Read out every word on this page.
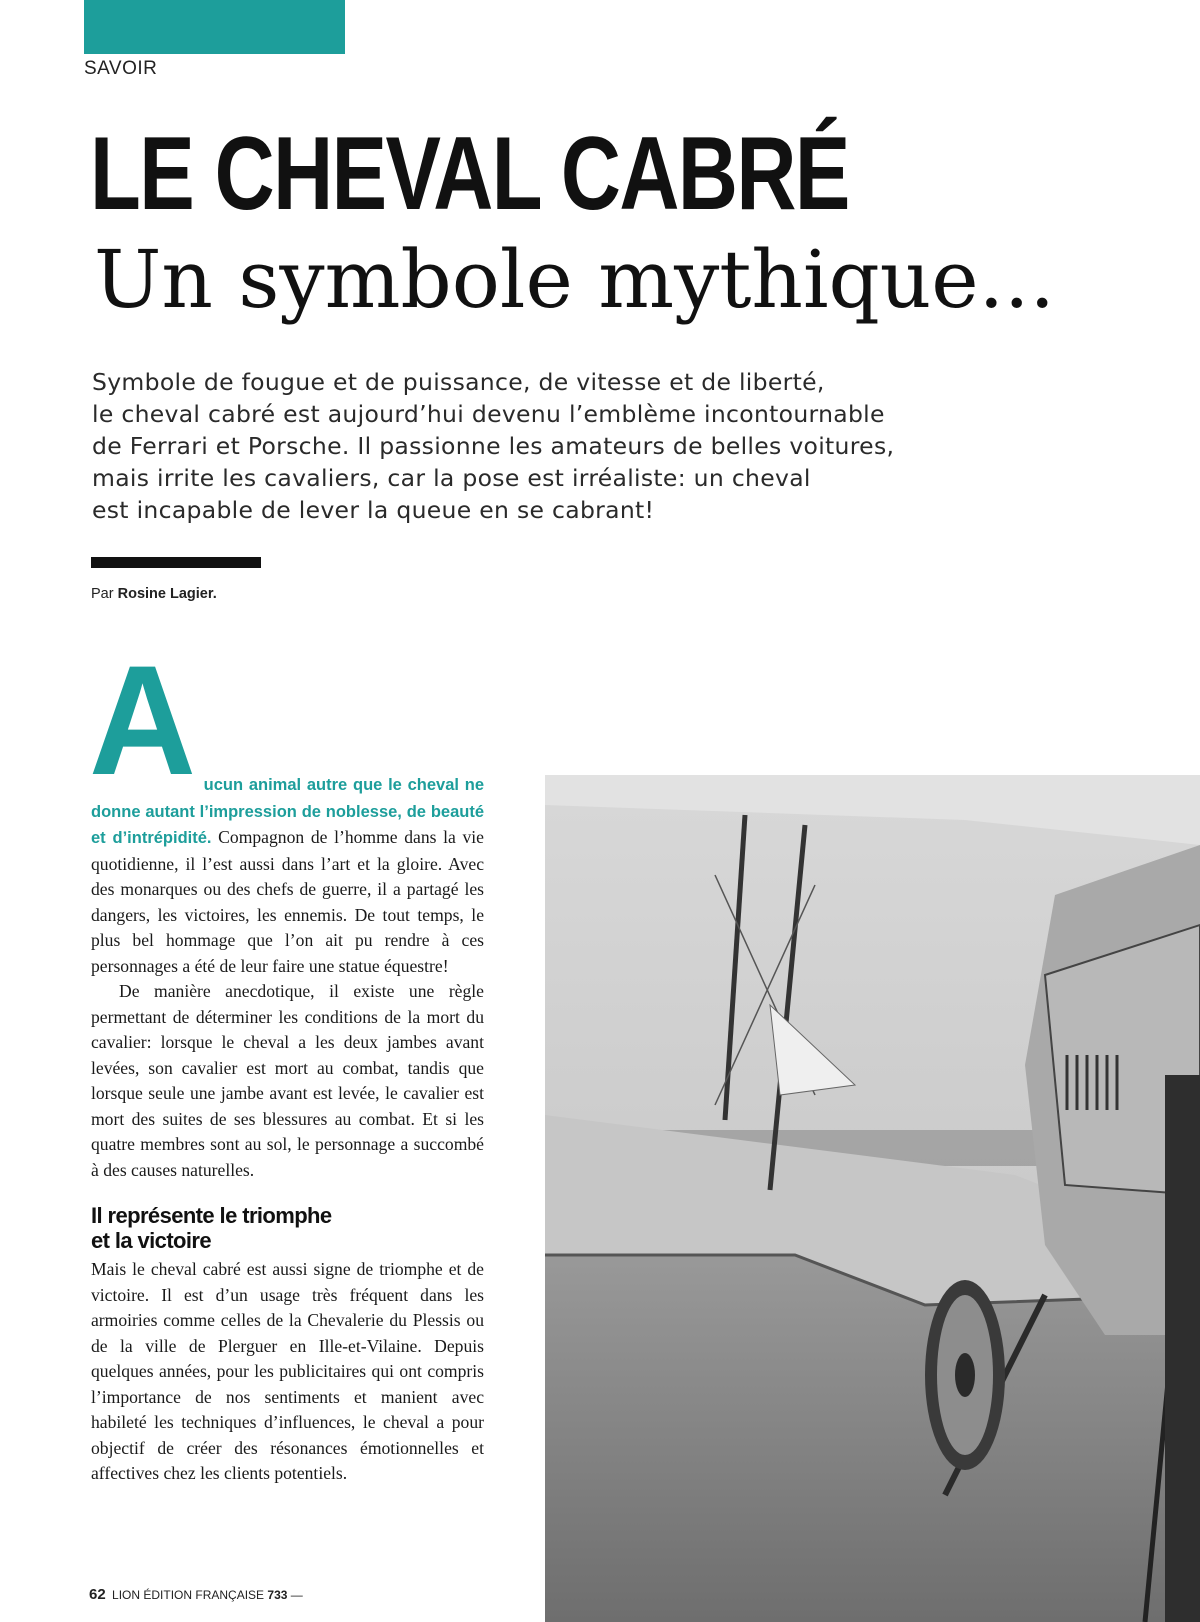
SAVOIR
LE CHEVAL CABRÉ
Un symbole mythique...
Symbole de fougue et de puissance, de vitesse et de liberté,
le cheval cabré est aujourd’hui devenu l’emblème incontournable
de Ferrari et Porsche. Il passionne les amateurs de belles voitures,
mais irrite les cavaliers, car la pose est irréaliste: un cheval
est incapable de lever la queue en se cabrant!
Par Rosine Lagier.

A ucun animal autre que le cheval ne donne autant l’impression de noblesse, de beauté et d’intrépidité. Compagnon de l’homme dans la vie quotidienne, il l’est aussi dans l’art et la gloire. Avec des monarques ou des chefs de guerre, il a partagé les dangers, les victoires, les ennemis. De tout temps, le plus bel hommage que l’on ait pu rendre à ces personnages a été de leur faire une statue équestre!

De manière anecdotique, il existe une règle permettant de déterminer les conditions de la mort du cavalier: lorsque le cheval a les deux jambes avant levées, son cavalier est mort au combat, tandis que lorsque seule une jambe avant est levée, le cavalier est mort des suites de ses blessures au combat. Et si les quatre membres sont au sol, le personnage a succombé à des causes naturelles.

Il représente le triomphe
et la victoire

Mais le cheval cabré est aussi signe de triomphe et de victoire. Il est d’un usage très fréquent dans les armoiries comme celles de la Chevalerie du Plessis ou de la ville de Plerguer en Ille-et-Vilaine. Depuis quelques années, pour les publicitaires qui ont compris l’importance de nos sentiments et manient avec habileté les techniques d’influences, le cheval a pour objectif de créer des résonances émotionnelles et affectives chez les clients potentiels.

62 LION ÉDITION FRANÇAISE 733 —
